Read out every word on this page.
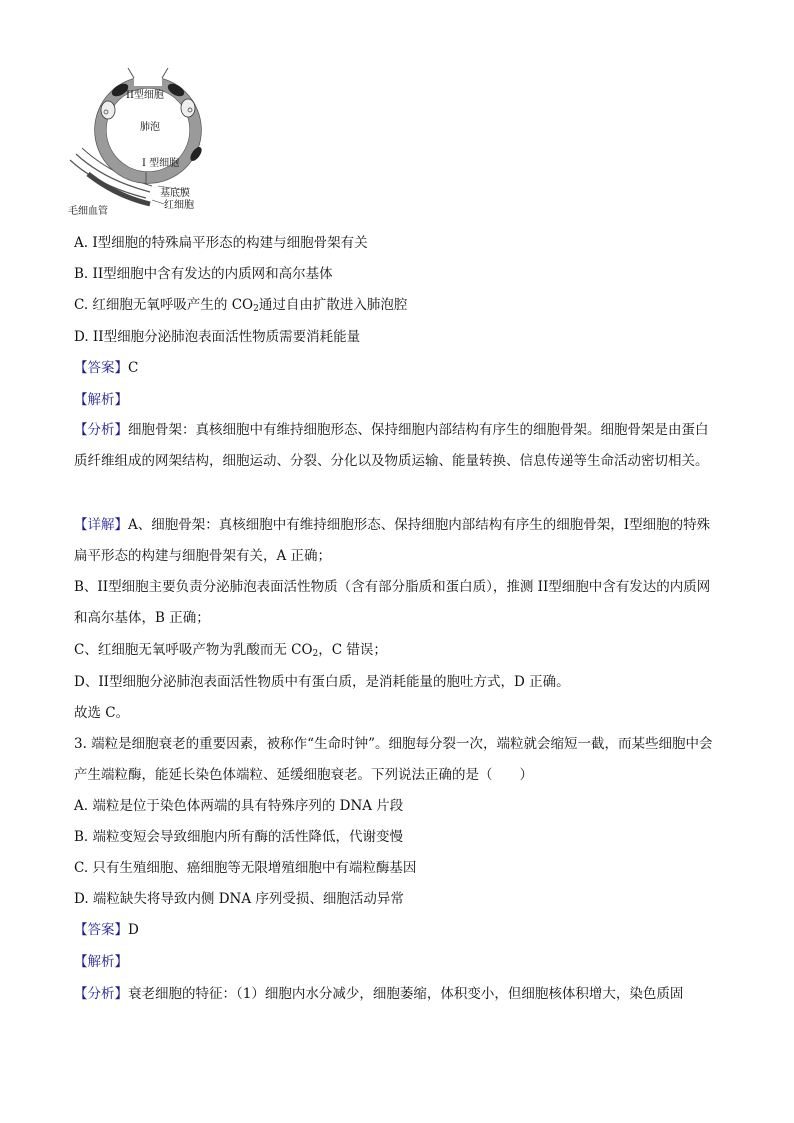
II型细胞
肺泡
I 型细胞
基底膜
红细胞
毛细血管
A. I型细胞的特殊扁平形态的构建与细胞骨架有关
B. II型细胞中含有发达的内质网和高尔基体
C. 红细胞无氧呼吸产生的 $CO_2$通过自由扩散进入肺泡腔
D. II型细胞分泌肺泡表面活性物质需要消耗能量
【答案】C
【解析】
【分析】细胞骨架：真核细胞中有维持细胞形态、保持细胞内部结构有序生的细胞骨架。细胞骨架是由蛋白质纤维组成的网架结构，细胞运动、分裂、分化以及物质运输、能量转换、信息传递等生命活动密切相关。
【详解】A、细胞骨架：真核细胞中有维持细胞形态、保持细胞内部结构有序生的细胞骨架，I型细胞的特殊扁平形态的构建与细胞骨架有关，A 正确；
B、II型细胞主要负责分泌肺泡表面活性物质（含有部分脂质和蛋白质），推测 II型细胞中含有发达的内质网和高尔基体，B 正确；
C、红细胞无氧呼吸产物为乳酸而无 $CO_2$，C 错误；
D、II型细胞分泌肺泡表面活性物质中有蛋白质，是消耗能量的胞吐方式，D 正确。
故选 C。
3. 端粒是细胞衰老的重要因素，被称作“生命时钟”。细胞每分裂一次，端粒就会缩短一截，而某些细胞中会产生端粒酶，能延长染色体端粒、延缓细胞衰老。下列说法正确的是（　　）
A. 端粒是位于染色体两端的具有特殊序列的 DNA 片段
B. 端粒变短会导致细胞内所有酶的活性降低，代谢变慢
C. 只有生殖细胞、癌细胞等无限增殖细胞中有端粒酶基因
D. 端粒缺失将导致内侧 DNA 序列受损、细胞活动异常
【答案】D
【解析】
【分析】衰老细胞的特征：（1）细胞内水分减少，细胞萎缩，体积变小，但细胞核体积增大，染色质固
